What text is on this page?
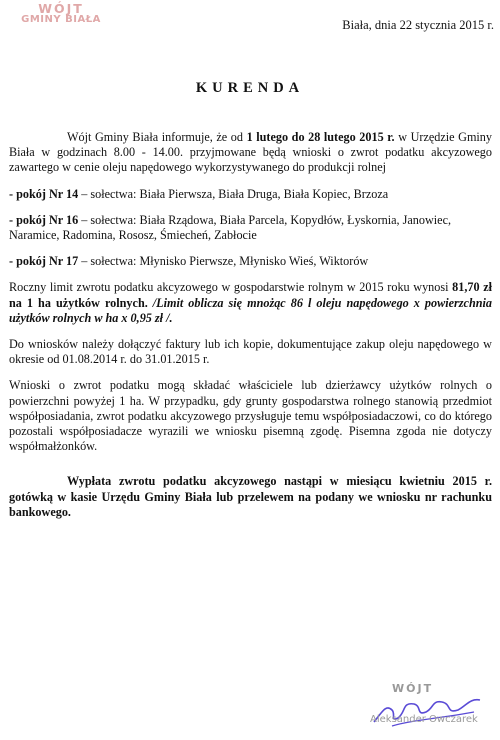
WÓJT
GMINY BIAŁA	Biała, dnia 22 stycznia 2015 r.
KURENDA

Wójt Gminy Biała informuje, że od 1 lutego do 28 lutego 2015 r. w Urzędzie Gminy Biała w godzinach 8.00 - 14.00. przyjmowane będą wnioski o zwrot podatku akcyzowego zawartego w cenie oleju napędowego wykorzystywanego do produkcji rolnej

- pokój Nr 14 – sołectwa: Biała Pierwsza, Biała Druga, Biała Kopiec, Brzoza

- pokój Nr 16 – sołectwa: Biała Rządowa, Biała Parcela, Kopydłów, Łyskornia, Janowiec, Naramice, Radomina, Rososz, Śmiecheń, Zabłocie

- pokój Nr 17 – sołectwa: Młynisko Pierwsze, Młynisko Wieś, Wiktorów

Roczny limit zwrotu podatku akcyzowego w gospodarstwie rolnym w 2015 roku wynosi 81,70 zł na 1 ha użytków rolnych. /Limit oblicza się mnożąc 86 l oleju napędowego x powierzchnia użytków rolnych w ha x 0,95 zł /.

Do wniosków należy dołączyć faktury lub ich kopie, dokumentujące zakup oleju napędowego w okresie od 01.08.2014 r. do 31.01.2015 r.

Wnioski o zwrot podatku mogą składać właściciele lub dzierżawcy użytków rolnych o powierzchni powyżej 1 ha. W przypadku, gdy grunty gospodarstwa rolnego stanowią przedmiot współposiadania, zwrot podatku akcyzowego przysługuje temu współposiadaczowi, co do którego pozostali współposiadacze wyrazili we wniosku pisemną zgodę. Pisemna zgoda nie dotyczy współmałżonków.

Wypłata zwrotu podatku akcyzowego nastąpi w miesiącu kwietniu 2015 r. gotówką w kasie Urzędu Gminy Biała lub przelewem na podany we wniosku nr rachunku bankowego.

WÓJT
Aleksander Owczarek
